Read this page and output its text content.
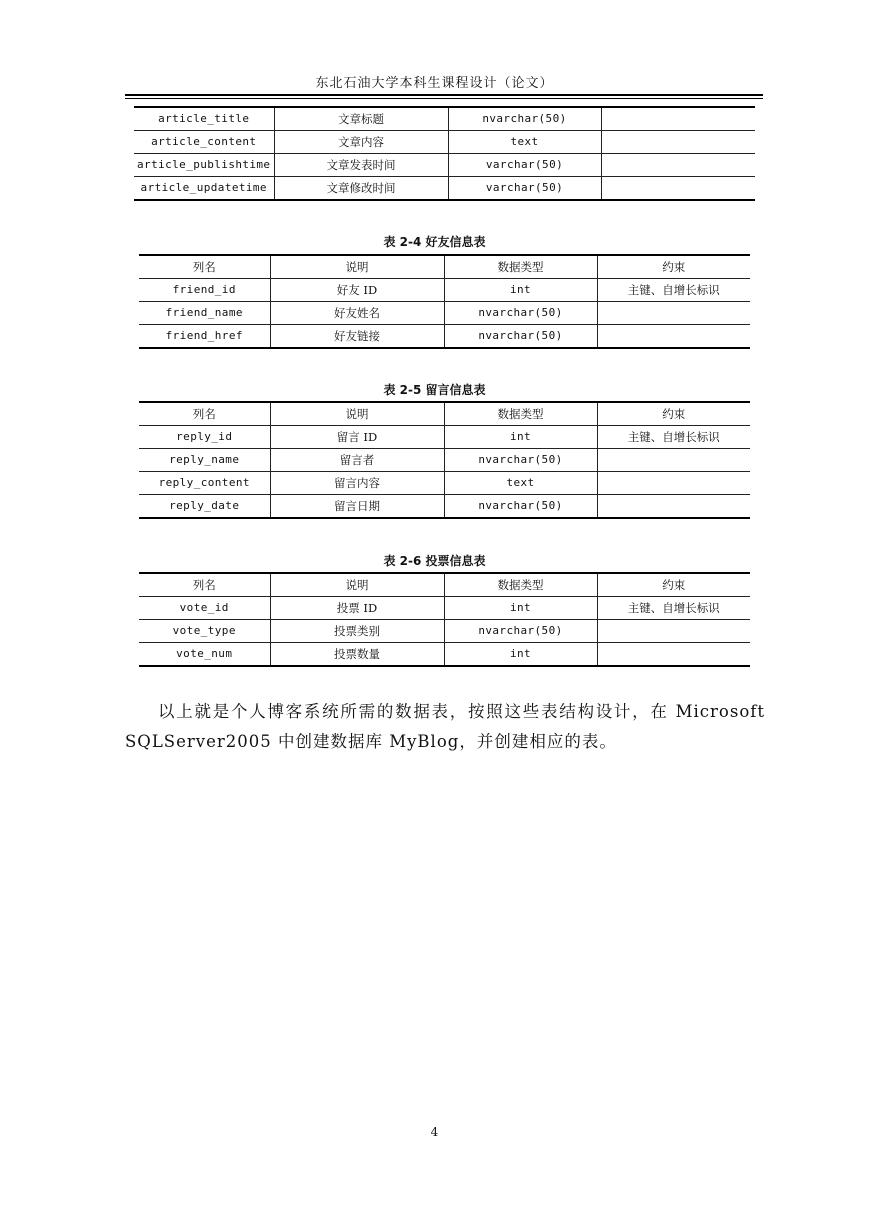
东北石油大学本科生课程设计（论文）
article_title	文章标题	nvarchar(50)	
article_content	文章内容	text	
article_publishtime	文章发表时间	varchar(50)	
article_updatetime	文章修改时间	varchar(50)	
表 2-4 好友信息表
列名	说明	数据类型	约束
friend_id	好友 ID	int	主键、自增长标识
friend_name	好友姓名	nvarchar(50)	
friend_href	好友链接	nvarchar(50)	
表 2-5 留言信息表
列名	说明	数据类型	约束
reply_id	留言 ID	int	主键、自增长标识
reply_name	留言者	nvarchar(50)	
reply_content	留言内容	text	
reply_date	留言日期	nvarchar(50)	
表 2-6 投票信息表
列名	说明	数据类型	约束
vote_id	投票 ID	int	主键、自增长标识
vote_type	投票类别	nvarchar(50)	
vote_num	投票数量	int	

以上就是个人博客系统所需的数据表，按照这些表结构设计，在 Microsoft SQLServer2005 中创建数据库 MyBlog，并创建相应的表。

4
